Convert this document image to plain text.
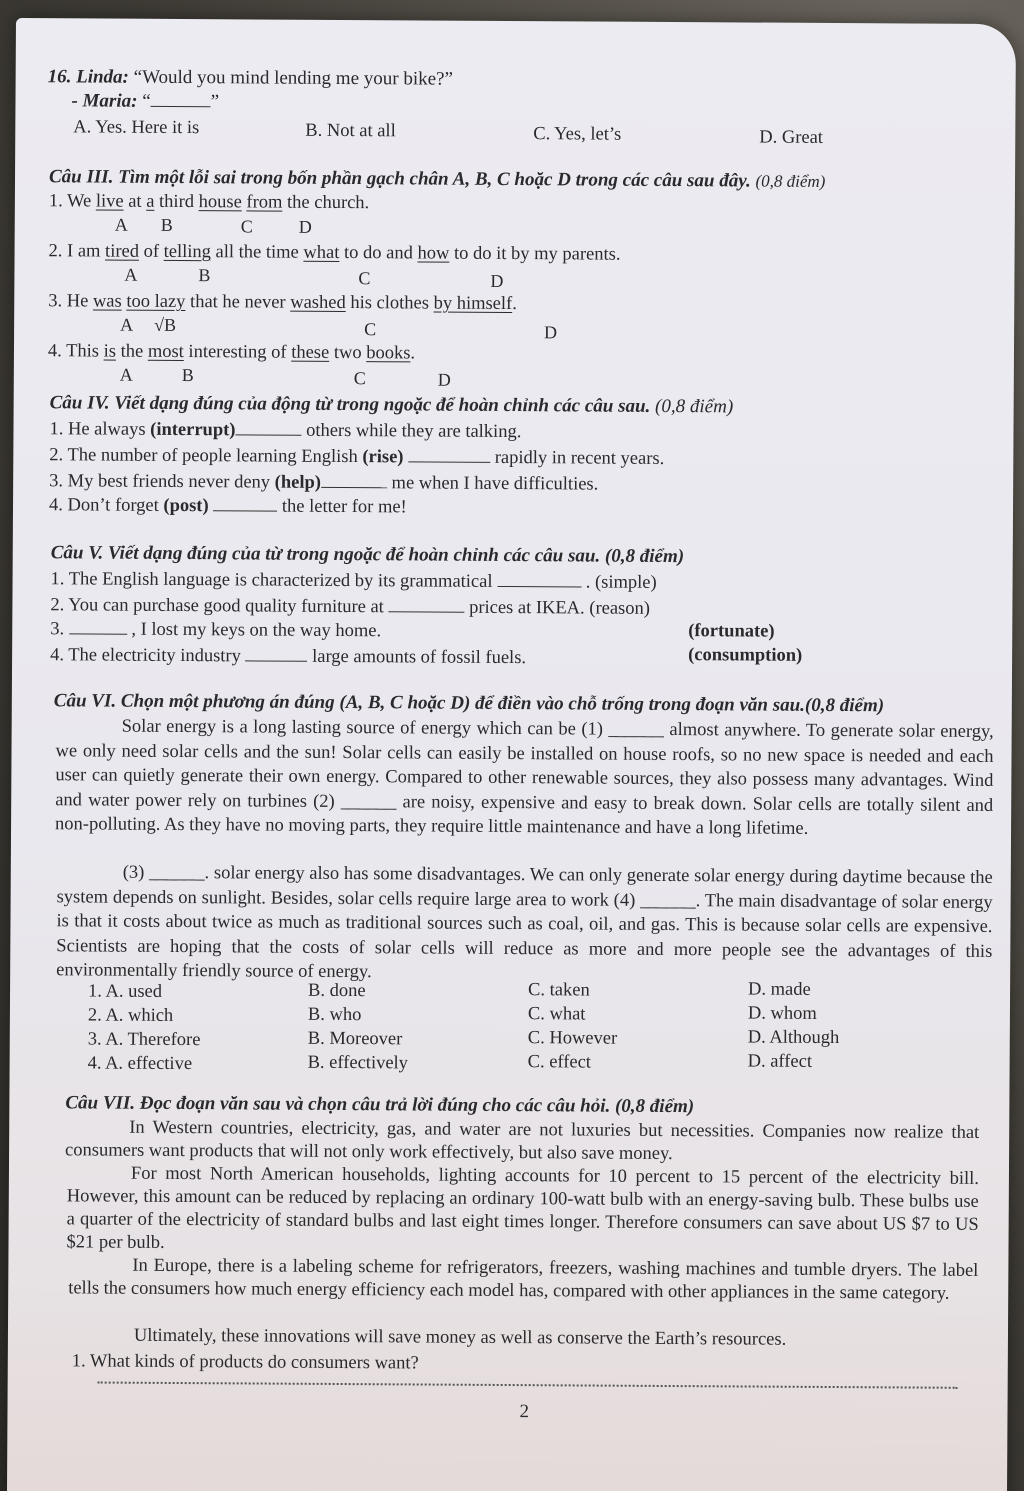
16. Linda: “Would you mind lending me your bike?”
- Maria: “	”
A. Yes. Here it is	B. Not at all	C. Yes, let’s	D. Great
Câu III. Tìm một lỗi sai trong bốn phần gạch chân A, B, C hoặc D trong các câu sau đây. (0,8 điểm)
1. We live at a third house from the church.
A B	C	D
2. I am tired of telling all the time what to do and how to do it by my parents.
A	B	C	D
3. He was too lazy that he never washed his clothes by himself.
A √B	C	D
4. This is the most interesting of these two books.
A	B	C	D
Câu IV. Viết dạng đúng của động từ trong ngoặc để hoàn chỉnh các câu sau. (0,8 điểm)
1. He always (interrupt)	others while they are talking.
2. The number of people learning English (rise)	rapidly in recent years.
3. My best friends never deny (help)	me when I have difficulties.
4. Don’t forget (post)	the letter for me!
Câu V. Viết dạng đúng của từ trong ngoặc để hoàn chỉnh các câu sau. (0,8 điểm)
1. The English language is characterized by its grammatical	. (simple)
2. You can purchase good quality furniture at	prices at IKEA. (reason)
3.	, I lost my keys on the way home.	(fortunate)
4. The electricity industry	large amounts of fossil fuels.	(consumption)
Câu VI. Chọn một phương án đúng (A, B, C hoặc D) để điền vào chỗ trống trong đoạn văn sau.(0,8 điểm)
Solar energy is a long lasting source of energy which can be (1) ______ almost anywhere. To generate solar energy, we only need solar cells and the sun! Solar cells can easily be installed on house roofs, so no new space is needed and each user can quietly generate their own energy. Compared to other renewable sources, they also possess many advantages. Wind and water power rely on turbines (2) ______ are noisy, expensive and easy to break down. Solar cells are totally silent and non-polluting. As they have no moving parts, they require little maintenance and have a long lifetime.
(3) ______. solar energy also has some disadvantages. We can only generate solar energy during daytime because the system depends on sunlight. Besides, solar cells require large area to work (4) ______. The main disadvantage of solar energy is that it costs about twice as much as traditional sources such as coal, oil, and gas. This is because solar cells are expensive. Scientists are hoping that the costs of solar cells will reduce as more and more people see the advantages of this environmentally friendly source of energy.
1. A. used	B. done	C. taken	D. made
2. A. which	B. who	C. what	D. whom
3. A. Therefore	B. Moreover	C. However	D. Although
4. A. effective	B. effectively	C. effect	D. affect
Câu VII. Đọc đoạn văn sau và chọn câu trả lời đúng cho các câu hỏi. (0,8 điểm)
In Western countries, electricity, gas, and water are not luxuries but necessities. Companies now realize that consumers want products that will not only work effectively, but also save money.
For most North American households, lighting accounts for 10 percent to 15 percent of the electricity bill. However, this amount can be reduced by replacing an ordinary 100-watt bulb with an energy-saving bulb. These bulbs use a quarter of the electricity of standard bulbs and last eight times longer. Therefore consumers can save about US $7 to US $21 per bulb.
In Europe, there is a labeling scheme for refrigerators, freezers, washing machines and tumble dryers. The label tells the consumers how much energy efficiency each model has, compared with other appliances in the same category.
Ultimately, these innovations will save money as well as conserve the Earth’s resources.
1. What kinds of products do consumers want?
2
